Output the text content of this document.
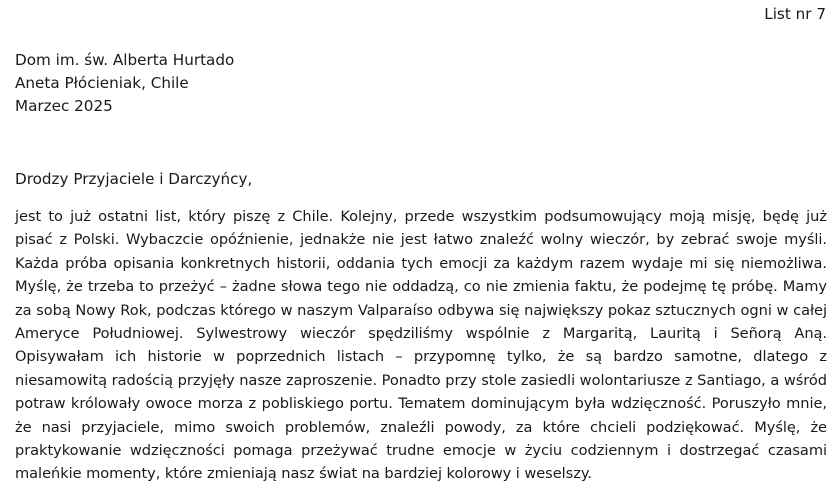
List nr 7
Dom im. św. Alberta Hurtado
Aneta Płócieniak, Chile
Marzec 2025
Drodzy Przyjaciele i Darczyńcy,

jest to już ostatni list, który piszę z Chile. Kolejny, przede wszystkim podsumowujący moją misję, będę już pisać z Polski. Wybaczcie opóźnienie, jednakże nie jest łatwo znaleźć wolny wieczór, by zebrać swoje myśli. Każda próba opisania konkretnych historii, oddania tych emocji za każdym razem wydaje mi się niemożliwa. Myślę, że trzeba to przeżyć – żadne słowa tego nie oddadzą, co nie zmienia faktu, że podejmę tę próbę. Mamy za sobą Nowy Rok, podczas którego w naszym Valparaíso odbywa się największy pokaz sztucznych ogni w całej Ameryce Południowej. Sylwestrowy wieczór spędziliśmy wspólnie z Margaritą, Lauritą i Señorą Aną. Opisywałam ich historie w poprzednich listach – przypomnę tylko, że są bardzo samotne, dlatego z niesamowitą radością przyjęły nasze zaproszenie. Ponadto przy stole zasiedli wolontariusze z Santiago, a wśród potraw królowały owoce morza z pobliskiego portu. Tematem dominującym była wdzięczność. Poruszyło mnie, że nasi przyjaciele, mimo swoich problemów, znaleźli powody, za które chcieli podziękować. Myślę, że praktykowanie wdzięczności pomaga przeżywać trudne emocje w życiu codziennym i dostrzegać czasami maleńkie momenty, które zmieniają nasz świat na bardziej kolorowy i weselszy.
